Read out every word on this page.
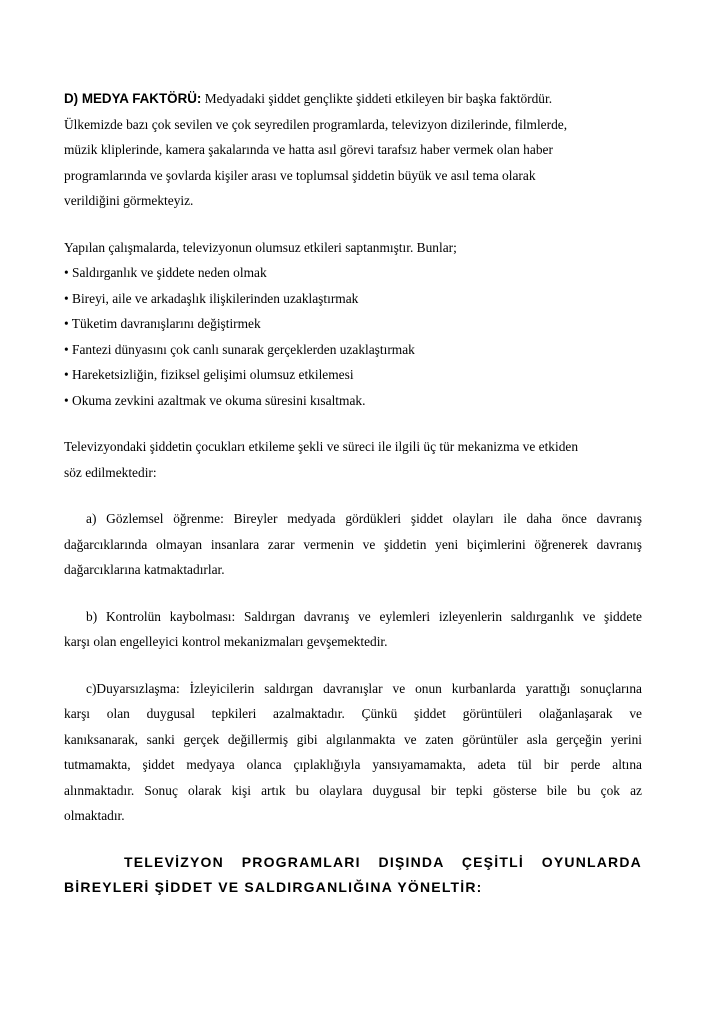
D) MEDYA FAKTÖRÜ: Medyadaki şiddet gençlikte şiddeti etkileyen bir başka faktördür.
Ülkemizde bazı çok sevilen ve çok seyredilen programlarda, televizyon dizilerinde, filmlerde,
müzik kliplerinde, kamera şakalarında ve hatta asıl görevi tarafsız haber vermek olan haber
programlarında ve şovlarda kişiler arası ve toplumsal şiddetin büyük ve asıl tema olarak
verildiğini görmekteyiz.
Yapılan çalışmalarda, televizyonun olumsuz etkileri saptanmıştır. Bunlar;
• Saldırganlık ve şiddete neden olmak
• Bireyi, aile ve arkadaşlık ilişkilerinden uzaklaştırmak
• Tüketim davranışlarını değiştirmek
• Fantezi dünyasını çok canlı sunarak gerçeklerden uzaklaştırmak
• Hareketsizliğin, fiziksel gelişimi olumsuz etkilemesi
• Okuma zevkini azaltmak ve okuma süresini kısaltmak.
Televizyondaki şiddetin çocukları etkileme şekli ve süreci ile ilgili üç tür mekanizma ve etkiden
söz edilmektedir:
a) Gözlemsel öğrenme: Bireyler medyada gördükleri şiddet olayları ile daha önce davranış
dağarcıklarında olmayan insanlara zarar vermenin ve şiddetin yeni biçimlerini öğrenerek davranış
dağarcıklarına katmaktadırlar.
b) Kontrolün kaybolması: Saldırgan davranış ve eylemleri izleyenlerin saldırganlık ve şiddete
karşı olan engelleyici kontrol mekanizmaları gevşemektedir.
c)Duyarsızlaşma: İzleyicilerin saldırgan davranışlar ve onun kurbanlarda yarattığı sonuçlarına
karşı olan duygusal tepkileri azalmaktadır. Çünkü şiddet görüntüleri olağanlaşarak ve
kanıksanarak, sanki gerçek değillermiş gibi algılanmakta ve zaten görüntüler asla gerçeğin yerini
tutmamakta, şiddet medyaya olanca çıplaklığıyla yansıyamamakta, adeta tül bir perde altına
alınmaktadır. Sonuç olarak kişi artık bu olaylara duygusal bir tepki gösterse bile bu çok az
olmaktadır.
TELEVİZYON PROGRAMLARI DIŞINDA ÇEŞİTLİ OYUNLARDA
BİREYLERİ ŞİDDET VE SALDIRGANLIĞINA YÖNELTİR:
